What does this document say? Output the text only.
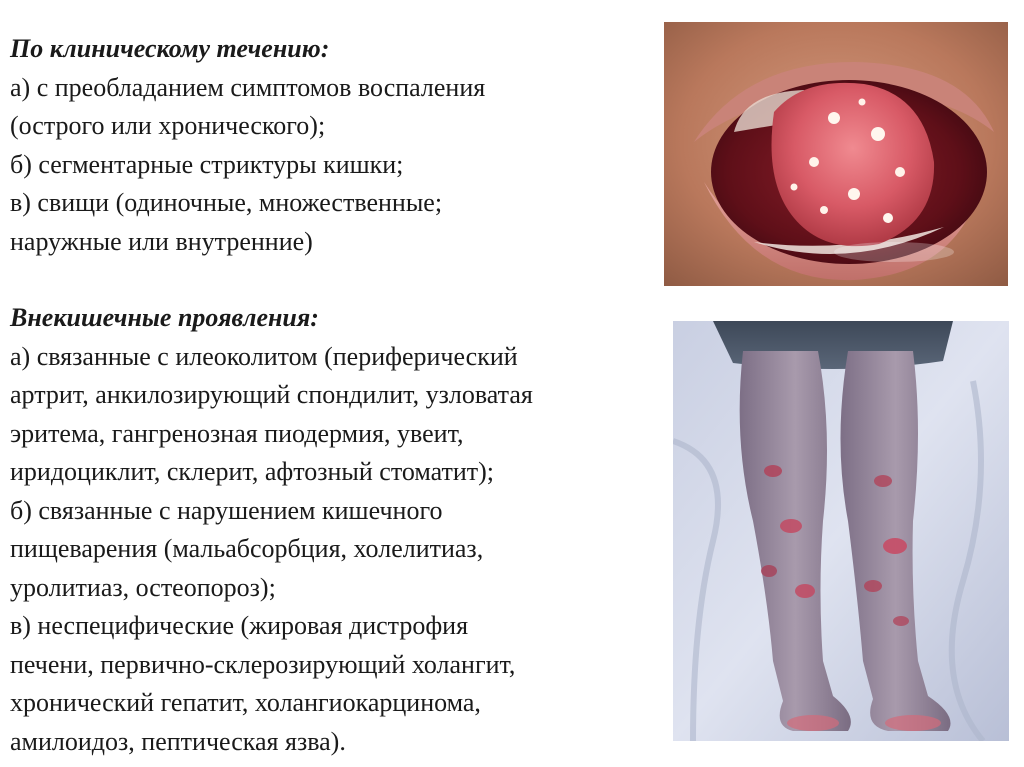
По клиническому течению:
а) с преобладанием симптомов воспаления
(острого или хронического);
б) сегментарные стриктуры кишки;
в) свищи (одиночные, множественные;
наружные или внутренние)
Внекишечные проявления:
а) связанные с илеоколитом (периферический
артрит, анкилозирующий спондилит, узловатая
эритема, гангренозная пиодермия, увеит,
иридоциклит, склерит, афтозный стоматит);
б) связанные с нарушением кишечного
пищеварения (мальабсорбция, холелитиаз,
уролитиаз, остеопороз);
в) неспецифические (жировая дистрофия
печени, первично-склерозирующий холангит,
хронический гепатит, холангиокарцинома,
амилоидоз, пептическая язва).
